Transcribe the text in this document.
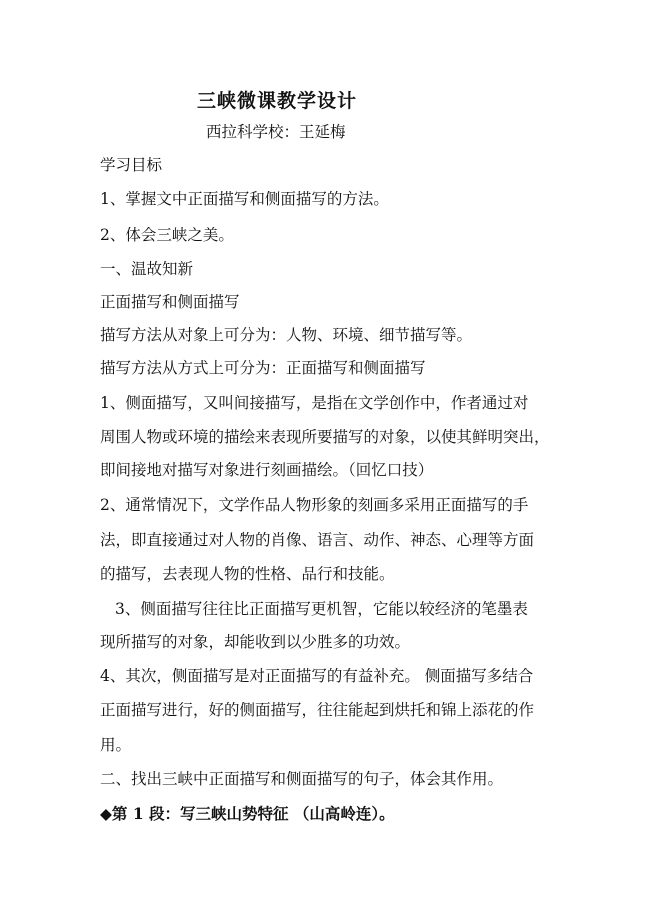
三峡微课教学设计
西拉科学校：王延梅
学习目标
1、掌握文中正面描写和侧面描写的方法。
2、体会三峡之美。
一、温故知新
正面描写和侧面描写
描写方法从对象上可分为：人物、环境、细节描写等。
描写方法从方式上可分为：正面描写和侧面描写
1、侧面描写，又叫间接描写，是指在文学创作中，作者通过对
周围人物或环境的描绘来表现所要描写的对象，以使其鲜明突出，
即间接地对描写对象进行刻画描绘。（回忆口技）
2、通常情况下，文学作品人物形象的刻画多采用正面描写的手
法，即直接通过对人物的肖像、语言、动作、神态、心理等方面
的描写，去表现人物的性格、品行和技能。
3、侧面描写往往比正面描写更机智，它能以较经济的笔墨表
现所描写的对象，却能收到以少胜多的功效。
4、其次，侧面描写是对正面描写的有益补充。 侧面描写多结合
正面描写进行，好的侧面描写，往往能起到烘托和锦上添花的作
用。
二、找出三峡中正面描写和侧面描写的句子，体会其作用。
◆第 1 段：写三峡山势特征 （山高岭连）。
